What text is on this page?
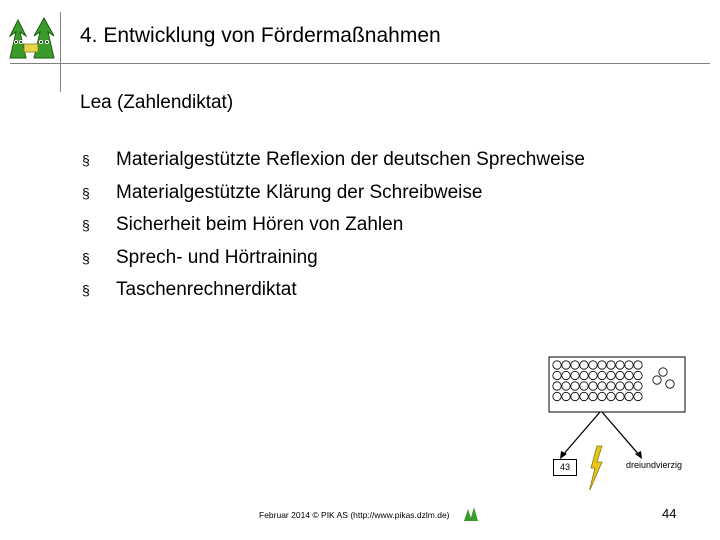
4. Entwicklung von Fördermaßnahmen
Lea (Zahlendiktat)
§	Materialgestützte Reflexion der deutschen Sprechweise
§	Materialgestützte Klärung der Schreibweise
§	Sicherheit beim Hören von Zahlen
§	Sprech- und Hörtraining
§	Taschenrechnerdiktat
43	dreiundvierzig
Februar 2014 © PIK AS (http://www.pikas.dzlm.de)	44
